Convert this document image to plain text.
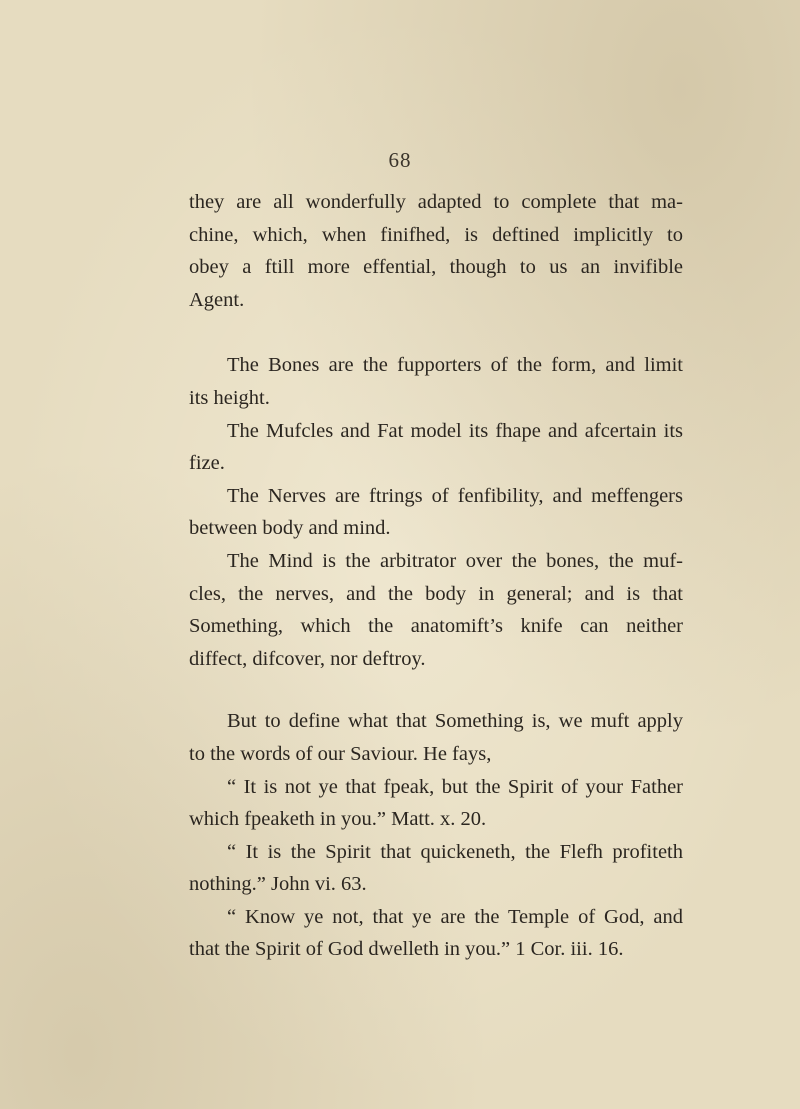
68
they are all wonderfully adapted to complete that ma-
chine, which, when finifhed, is deftined implicitly to
obey a ftill more effential, though to us an invifible
Agent.
The Bones are the fupporters of the form, and limit
its height.
The Mufcles and Fat model its fhape and afcertain its
fize.
The Nerves are ftrings of fenfibility, and meffengers
between body and mind.
The Mind is the arbitrator over the bones, the muf-
cles, the nerves, and the body in general; and is that
Something, which the anatomift’s knife can neither
diffect, difcover, nor deftroy.
But to define what that Something is, we muft apply
to the words of our Saviour. He fays,
“ It is not ye that fpeak, but the Spirit of your Father
which fpeaketh in you.” Matt. x. 20.
“ It is the Spirit that quickeneth, the Flefh profiteth
nothing.” John vi. 63.
“ Know ye not, that ye are the Temple of God, and
that the Spirit of God dwelleth in you.” 1 Cor. iii. 16.
